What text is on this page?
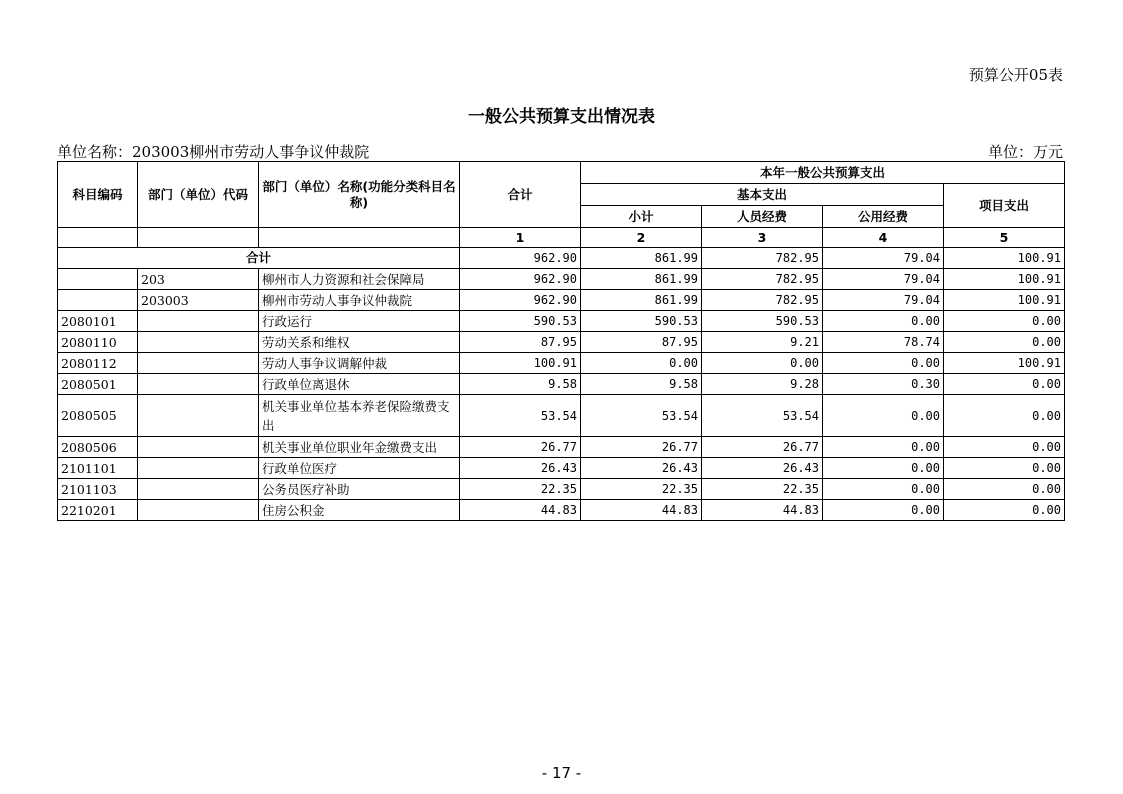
预算公开05表
一般公共预算支出情况表
单位名称：203003柳州市劳动人事争议仲裁院	单位：万元
科目编码	部门（单位）代码	部门（单位）名称(功能分类科目名称)	合计	本年一般公共预算支出			
				基本支出			项目支出
				小计	人员经费	公用经费	
			1	2	3	4	5
合计			962.90	861.99	782.95	79.04	100.91
	203	柳州市人力资源和社会保障局	962.90	861.99	782.95	79.04	100.91
	203003	柳州市劳动人事争议仲裁院	962.90	861.99	782.95	79.04	100.91
2080101		行政运行	590.53	590.53	590.53	0.00	0.00
2080110		劳动关系和维权	87.95	87.95	9.21	78.74	0.00
2080112		劳动人事争议调解仲裁	100.91	0.00	0.00	0.00	100.91
2080501		行政单位离退休	9.58	9.58	9.28	0.30	0.00
2080505		机关事业单位基本养老保险缴费支出	53.54	53.54	53.54	0.00	0.00
2080506		机关事业单位职业年金缴费支出	26.77	26.77	26.77	0.00	0.00
2101101		行政单位医疗	26.43	26.43	26.43	0.00	0.00
2101103		公务员医疗补助	22.35	22.35	22.35	0.00	0.00
2210201		住房公积金	44.83	44.83	44.83	0.00	0.00
- 17 -
